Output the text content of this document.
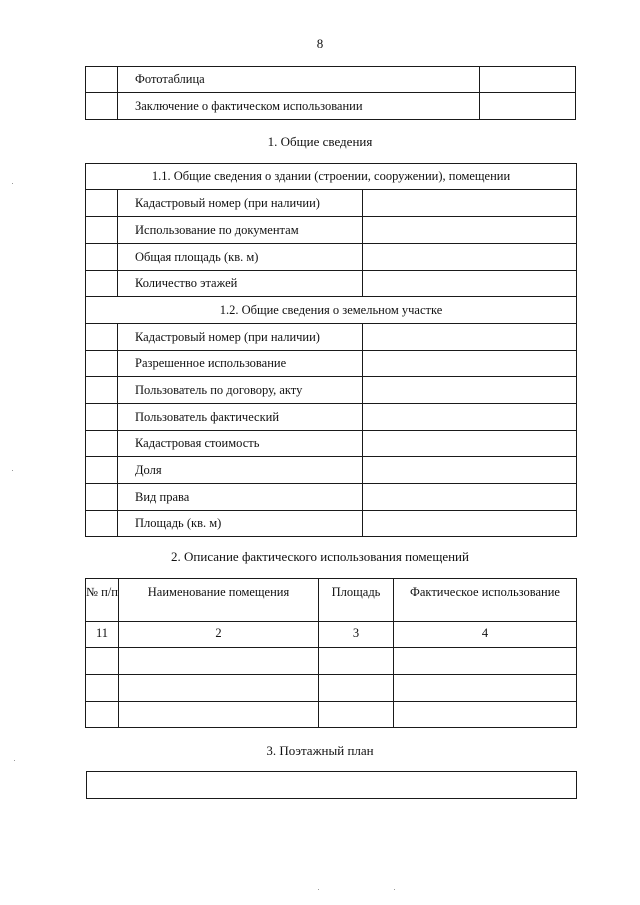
8
	Фототаблица	
	Заключение о фактическом использовании	
1. Общие сведения
1.1. Общие сведения о здании (строении, сооружении), помещении		
	Кадастровый номер (при наличии)	
	Использование по документам	
	Общая площадь (кв. м)	
	Количество этажей	
1.2. Общие сведения о земельном участке		
	Кадастровый номер (при наличии)	
	Разрешенное использование	
	Пользователь по договору, акту	
	Пользователь фактический	
	Кадастровая стоимость	
	Доля	
	Вид права	
	Площадь (кв. м)	
2. Описание фактического использования помещений
№ п/п	Наименование помещения	Площадь	Фактическое использование
11	2	3	4

3. Поэтажный план
